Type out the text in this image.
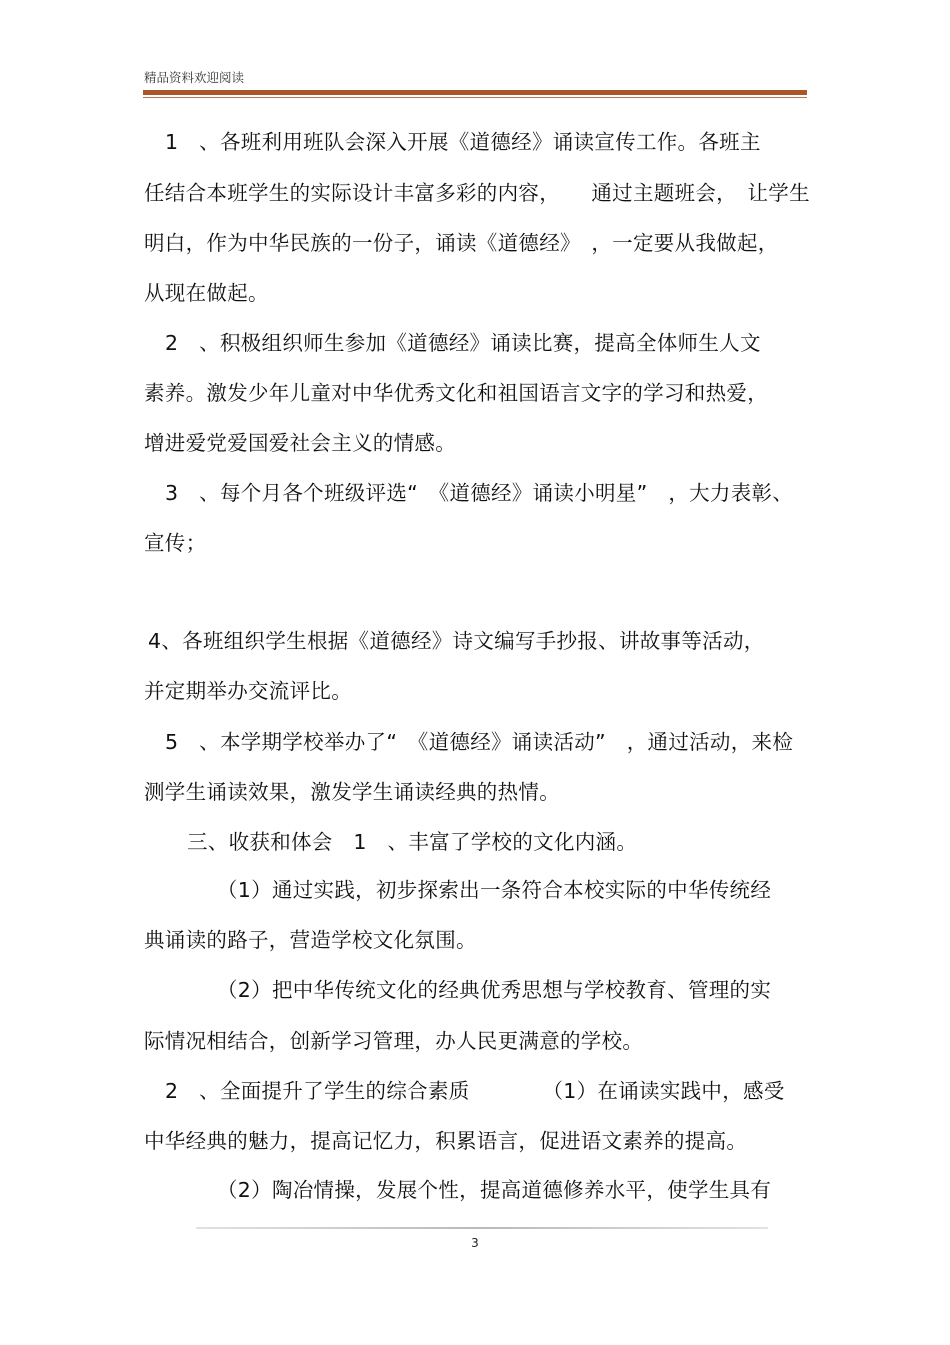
精品资料欢迎阅读
1　、各班利用班队会深入开展《道德经》诵读宣传工作。各班主
任结合本班学生的实际设计丰富多彩的内容，　　通过主题班会，　让学生
明白，作为中华民族的一份子，诵读《道德经》　，一定要从我做起，
从现在做起。
2　、积极组织师生参加《道德经》诵读比赛，提高全体师生人文
素养。激发少年儿童对中华优秀文化和祖国语言文字的学习和热爱，
增进爱党爱国爱社会主义的情感。
3　、每个月各个班级评选“　《道德经》诵读小明星”　，大力表彰、
宣传；
4、各班组织学生根据《道德经》诗文编写手抄报、讲故事等活动，
并定期举办交流评比。
5　、本学期学校举办了“　《道德经》诵读活动”　，通过活动，来检
测学生诵读效果，激发学生诵读经典的热情。
三、收获和体会　1　、丰富了学校的文化内涵。
（1）通过实践，初步探索出一条符合本校实际的中华传统经
典诵读的路子，营造学校文化氛围。
（2）把中华传统文化的经典优秀思想与学校教育、管理的实
际情况相结合，创新学习管理，办人民更满意的学校。
2　、全面提升了学生的综合素质　　　　（1）在诵读实践中，感受
中华经典的魅力，提高记忆力，积累语言，促进语文素养的提高。
（2）陶冶情操，发展个性，提高道德修养水平，使学生具有
3
